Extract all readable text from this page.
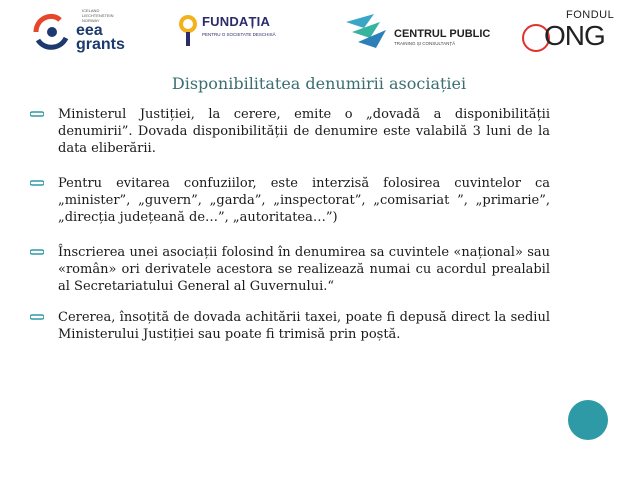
ICELAND
LIECHTENSTEIN
NORWAY
eea
grants
FUNDAȚIA
PENTRU O SOCIETATE DESCHISĂ	CENTRUL PUBLIC
TRAINING ȘI CONSULTANȚĂ
FONDUL
ONG
Disponibilitatea denumirii asociației
Ministerul Justiției, la cerere, emite o „dovadă a disponibilității denumirii”. Dovada disponibilității de denumire este valabilă 3 luni de la data eliberării.
Pentru evitarea confuziilor, este interzisă folosirea cuvintelor ca „minister”, „guvern”, „garda”, „inspectorat”, „comisariat ”, „primarie”, „direcția județeană de…”, „autoritatea…”)
Înscrierea unei asociații folosind în denumirea sa cuvintele «național» sau «român» ori derivatele acestora se realizează numai cu acordul prealabil al Secretariatului General al Guvernului.“
Cererea, însoțită de dovada achitării taxei, poate fi depusă direct la sediul Ministerului Justiției sau poate fi trimisă prin poștă.
